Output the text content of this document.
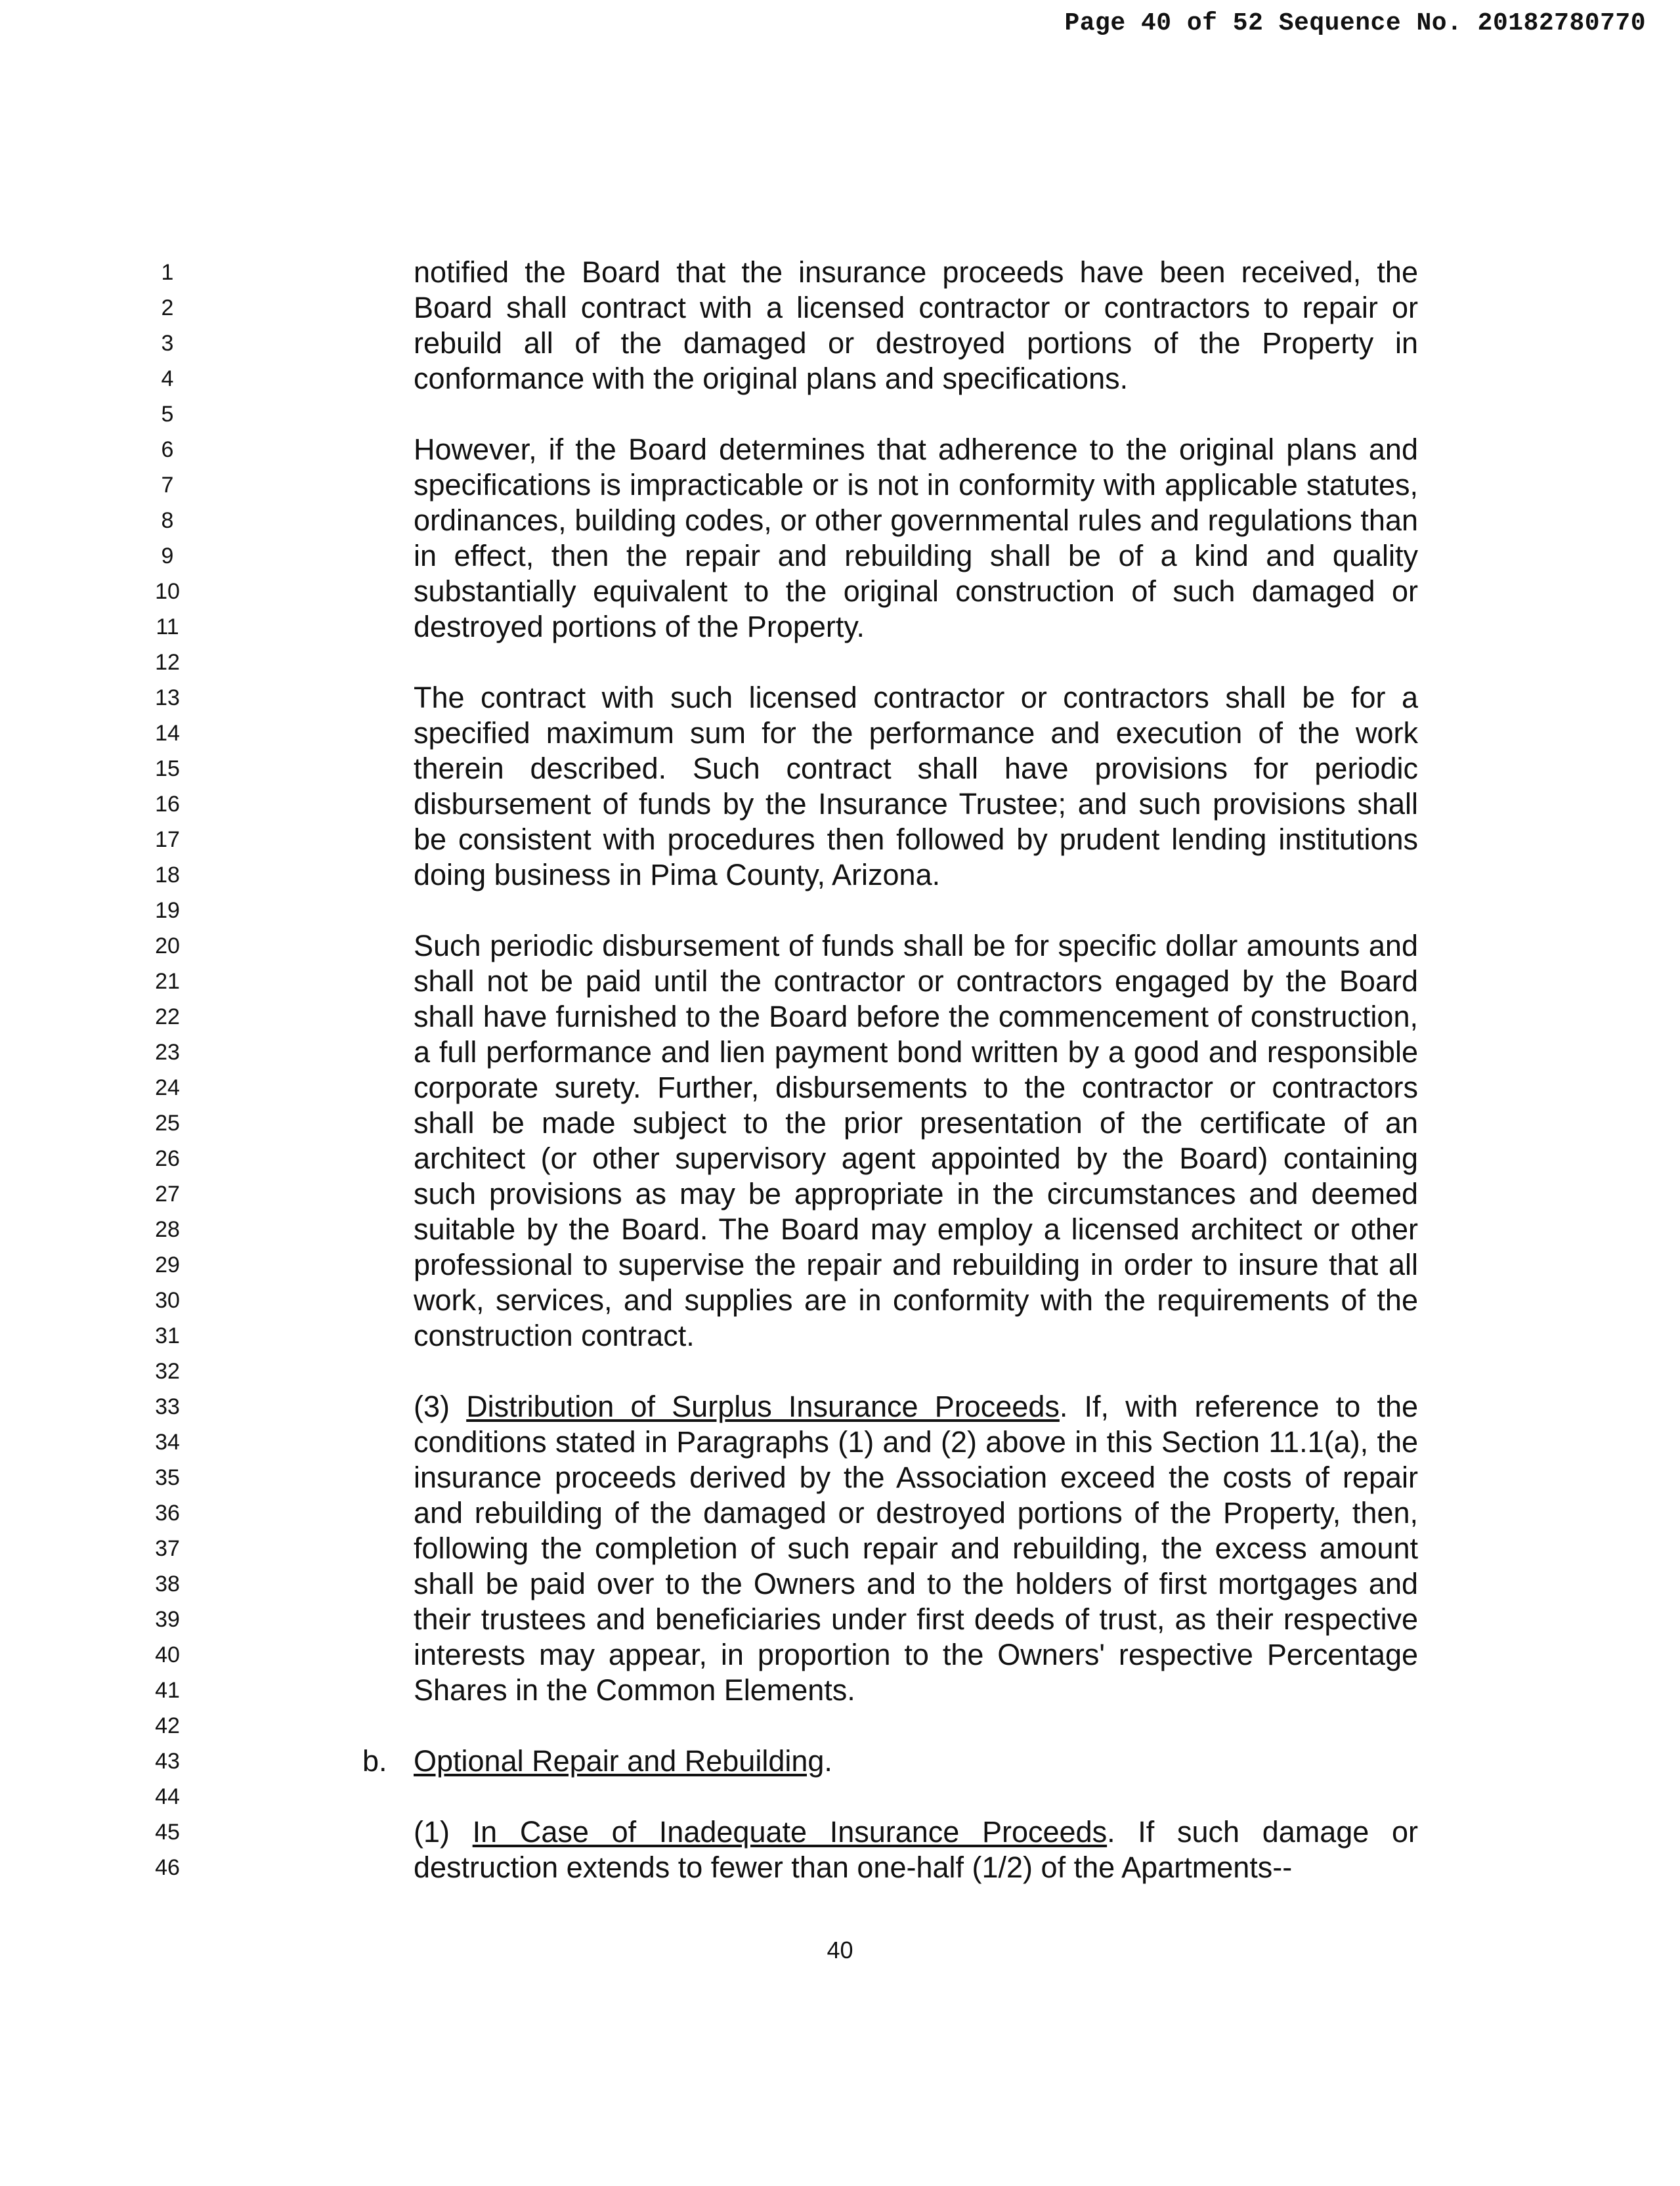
Page 40 of 52 Sequence No. 20182780770
1
2
3
4
5
6
7
8
9
10
11
12
13
14
15
16
17
18
19
20
21
22
23
24
25
26
27
28
29
30
31
32
33
34
35
36
37
38
39
40
41
42
43
44
45
46

notified the Board that the insurance proceeds have been received, the Board shall contract with a licensed contractor or contractors to repair or rebuild all of the damaged or destroyed portions of the Property in conformance with the original plans and specifications.

However, if the Board determines that adherence to the original plans and specifications is impracticable or is not in conformity with applicable statutes, ordinances, building codes, or other governmental rules and regulations than in effect, then the repair and rebuilding shall be of a kind and quality substantially equivalent to the original construction of such damaged or destroyed portions of the Property.

The contract with such licensed contractor or contractors shall be for a specified maximum sum for the performance and execution of the work therein described. Such contract shall have provisions for periodic disbursement of funds by the Insurance Trustee; and such provisions shall be consistent with procedures then followed by prudent lending institutions doing business in Pima County, Arizona.

Such periodic disbursement of funds shall be for specific dollar amounts and shall not be paid until the contractor or contractors engaged by the Board shall have furnished to the Board before the commencement of construction, a full performance and lien payment bond written by a good and responsible corporate surety. Further, disbursements to the contractor or contractors shall be made subject to the prior presentation of the certificate of an architect (or other supervisory agent appointed by the Board) containing such provisions as may be appropriate in the circumstances and deemed suitable by the Board. The Board may employ a licensed architect or other professional to supervise the repair and rebuilding in order to insure that all work, services, and supplies are in conformity with the requirements of the construction contract.

(3) Distribution of Surplus Insurance Proceeds. If, with reference to the conditions stated in Paragraphs (1) and (2) above in this Section 11.1(a), the insurance proceeds derived by the Association exceed the costs of repair and rebuilding of the damaged or destroyed portions of the Property, then, following the completion of such repair and rebuilding, the excess amount shall be paid over to the Owners and to the holders of first mortgages and their trustees and beneficiaries under first deeds of trust, as their respective interests may appear, in proportion to the Owners' respective Percentage Shares in the Common Elements.

b. Optional Repair and Rebuilding.

(1) In Case of Inadequate Insurance Proceeds. If such damage or destruction extends to fewer than one-half (1/2) of the Apartments--

40
